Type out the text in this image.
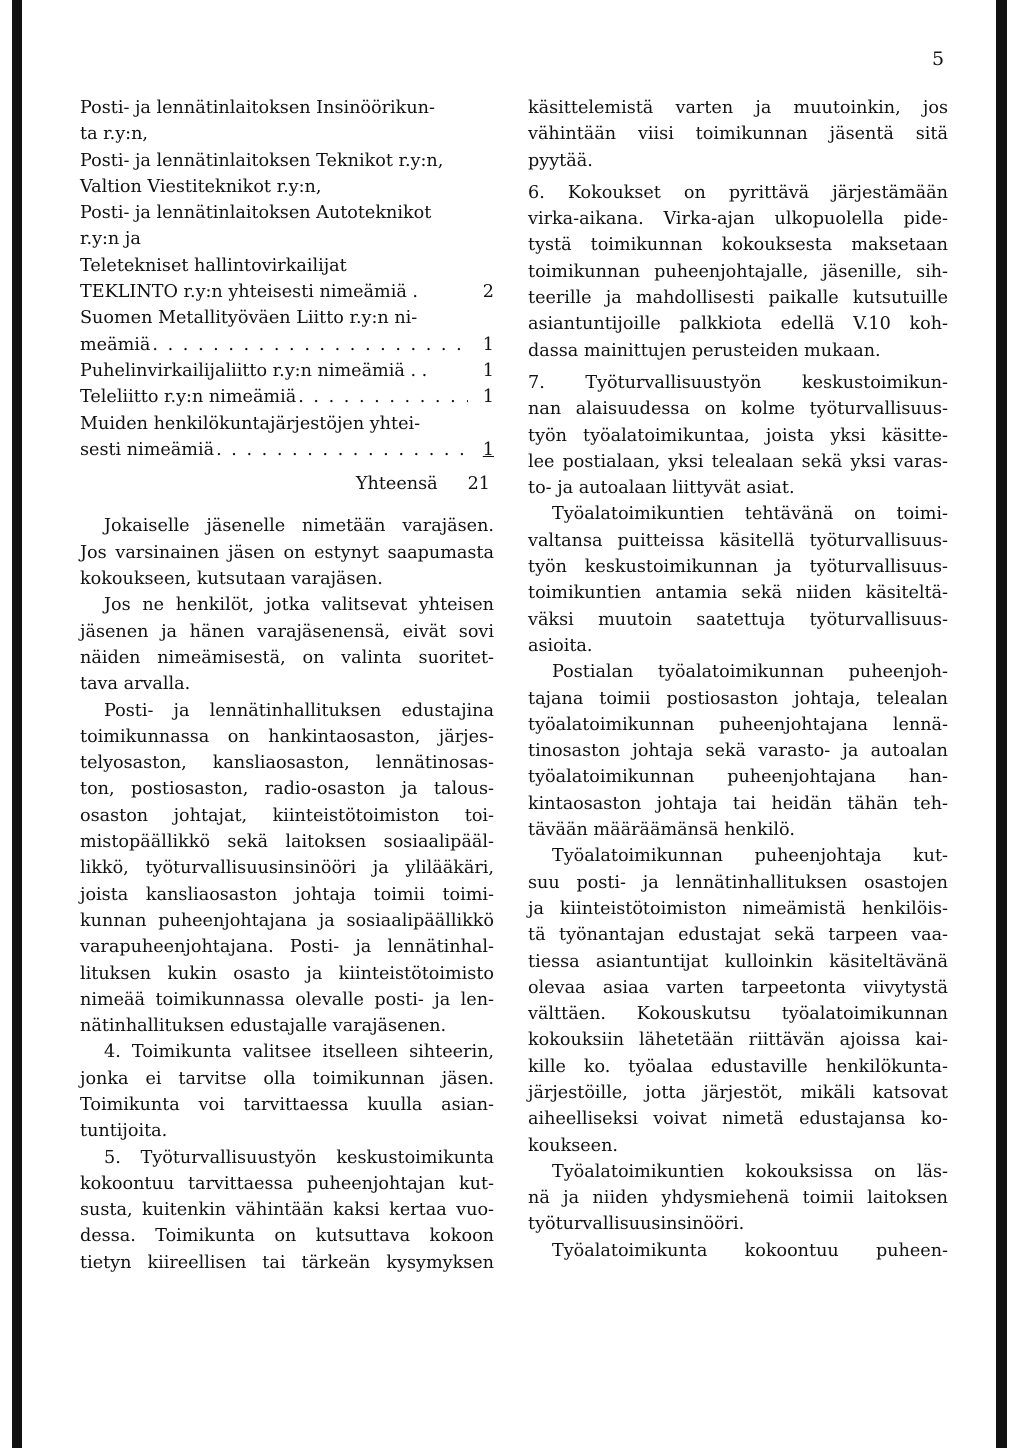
5
Posti- ja lennätinlaitoksen Insinöörikun-
ta r.y:n,
Posti- ja lennätinlaitoksen Teknikot r.y:n,
Valtion Viestiteknikot r.y:n,
Posti- ja lennätinlaitoksen Autoteknikot
r.y:n ja
Teletekniset hallintovirkailijat
TEKLINTO r.y:n yhteisesti nimeämiä .	2
Suomen Metallityöväen Liitto r.y:n ni-
meämiä . . .	1
Puhelinvirkailijaliitto r.y:n nimeämiä . .	1
Teleliitto r.y:n nimeämiä . . .	1
Muiden henkilökuntajärjestöjen yhtei-
sesti nimeämiä . . .	1
Yhteensä 21
Jokaiselle jäsenelle nimetään varajäsen.
Jos varsinainen jäsen on estynyt saapumasta
kokoukseen, kutsutaan varajäsen.
Jos ne henkilöt, jotka valitsevat yhteisen
jäsenen ja hänen varajäsenensä, eivät sovi
näiden nimeämisestä, on valinta suoritet-
tava arvalla.
Posti- ja lennätinhallituksen edustajina
toimikunnassa on hankintaosaston, järjes-
telyosaston, kansliaosaston, lennätinosas-
ton, postiosaston, radio-osaston ja talous-
osaston johtajat, kiinteistötoimiston toi-
mistopäällikkö sekä laitoksen sosiaalipääl-
likkö, työturvallisuusinsinööri ja ylilääkäri,
joista kansliaosaston johtaja toimii toimi-
kunnan puheenjohtajana ja sosiaalipäällikkö
varapuheenjohtajana. Posti- ja lennätinhal-
lituksen kukin osasto ja kiinteistötoimisto
nimeää toimikunnassa olevalle posti- ja len-
nätinhallituksen edustajalle varajäsenen.
4. Toimikunta valitsee itselleen sihteerin,
jonka ei tarvitse olla toimikunnan jäsen.
Toimikunta voi tarvittaessa kuulla asian-
tuntijoita.
5. Työturvallisuustyön keskustoimikunta
kokoontuu tarvittaessa puheenjohtajan kut-
susta, kuitenkin vähintään kaksi kertaa vuo-
dessa. Toimikunta on kutsuttava kokoon
tietyn kiireellisen tai tärkeän kysymyksen
käsittelemistä varten ja muutoinkin, jos
vähintään viisi toimikunnan jäsentä sitä
pyytää.
6. Kokoukset on pyrittävä järjestämään
virka-aikana. Virka-ajan ulkopuolella pide-
tystä toimikunnan kokouksesta maksetaan
toimikunnan puheenjohtajalle, jäsenille, sih-
teerille ja mahdollisesti paikalle kutsutuille
asiantuntijoille palkkiota edellä V.10 koh-
dassa mainittujen perusteiden mukaan.
7. Työturvallisuustyön keskustoimikun-
nan alaisuudessa on kolme työturvallisuus-
työn työalatoimikuntaa, joista yksi käsitte-
lee postialaan, yksi telealaan sekä yksi varas-
to- ja autoalaan liittyvät asiat.
Työalatoimikuntien tehtävänä on toimi-
valtansa puitteissa käsitellä työturvallisuus-
työn keskustoimikunnan ja työturvallisuus-
toimikuntien antamia sekä niiden käsiteltä-
väksi muutoin saatettuja työturvallisuus-
asioita.
Postialan työalatoimikunnan puheenjoh-
tajana toimii postiosaston johtaja, telealan
työalatoimikunnan puheenjohtajana lennä-
tinosaston johtaja sekä varasto- ja autoalan
työalatoimikunnan puheenjohtajana han-
kintaosaston johtaja tai heidän tähän teh-
tävään määräämänsä henkilö.
Työalatoimikunnan puheenjohtaja kut-
suu posti- ja lennätinhallituksen osastojen
ja kiinteistötoimiston nimeämistä henkilöis-
tä työnantajan edustajat sekä tarpeen vaa-
tiessa asiantuntijat kulloinkin käsiteltävänä
olevaa asiaa varten tarpeetonta viivytystä
välttäen. Kokouskutsu työalatoimikunnan
kokouksiin lähetetään riittävän ajoissa kai-
kille ko. työalaa edustaville henkilökunta-
järjestöille, jotta järjestöt, mikäli katsovat
aiheelliseksi voivat nimetä edustajansa ko-
koukseen.
Työalatoimikuntien kokouksissa on läs-
nä ja niiden yhdysmiehenä toimii laitoksen
työturvallisuusinsinööri.
Työalatoimikunta kokoontuu puheen-
